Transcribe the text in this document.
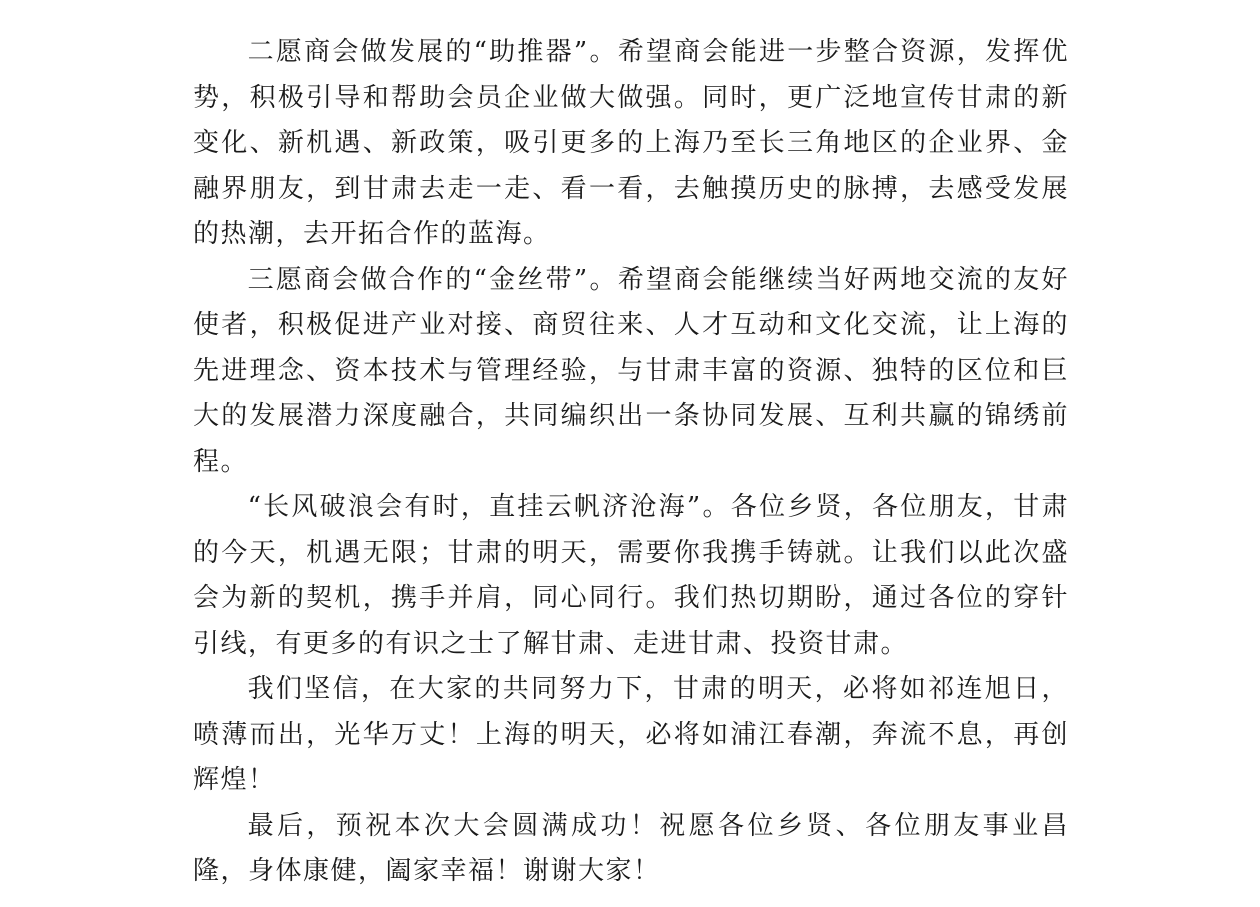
二愿商会做发展的“助推器”。希望商会能进一步整合资源，发挥优势，积极引导和帮助会员企业做大做强。同时，更广泛地宣传甘肃的新变化、新机遇、新政策，吸引更多的上海乃至长三角地区的企业界、金融界朋友，到甘肃去走一走、看一看，去触摸历史的脉搏，去感受发展的热潮，去开拓合作的蓝海。

三愿商会做合作的“金丝带”。希望商会能继续当好两地交流的友好使者，积极促进产业对接、商贸往来、人才互动和文化交流，让上海的先进理念、资本技术与管理经验，与甘肃丰富的资源、独特的区位和巨大的发展潜力深度融合，共同编织出一条协同发展、互利共赢的锦绣前程。

“长风破浪会有时，直挂云帆济沧海”。各位乡贤，各位朋友，甘肃的今天，机遇无限；甘肃的明天，需要你我携手铸就。让我们以此次盛会为新的契机，携手并肩，同心同行。我们热切期盼，通过各位的穿针引线，有更多的有识之士了解甘肃、走进甘肃、投资甘肃。

我们坚信，在大家的共同努力下，甘肃的明天，必将如祁连旭日，喷薄而出，光华万丈！上海的明天，必将如浦江春潮，奔流不息，再创辉煌！

最后，预祝本次大会圆满成功！祝愿各位乡贤、各位朋友事业昌隆，身体康健，阖家幸福！谢谢大家！
